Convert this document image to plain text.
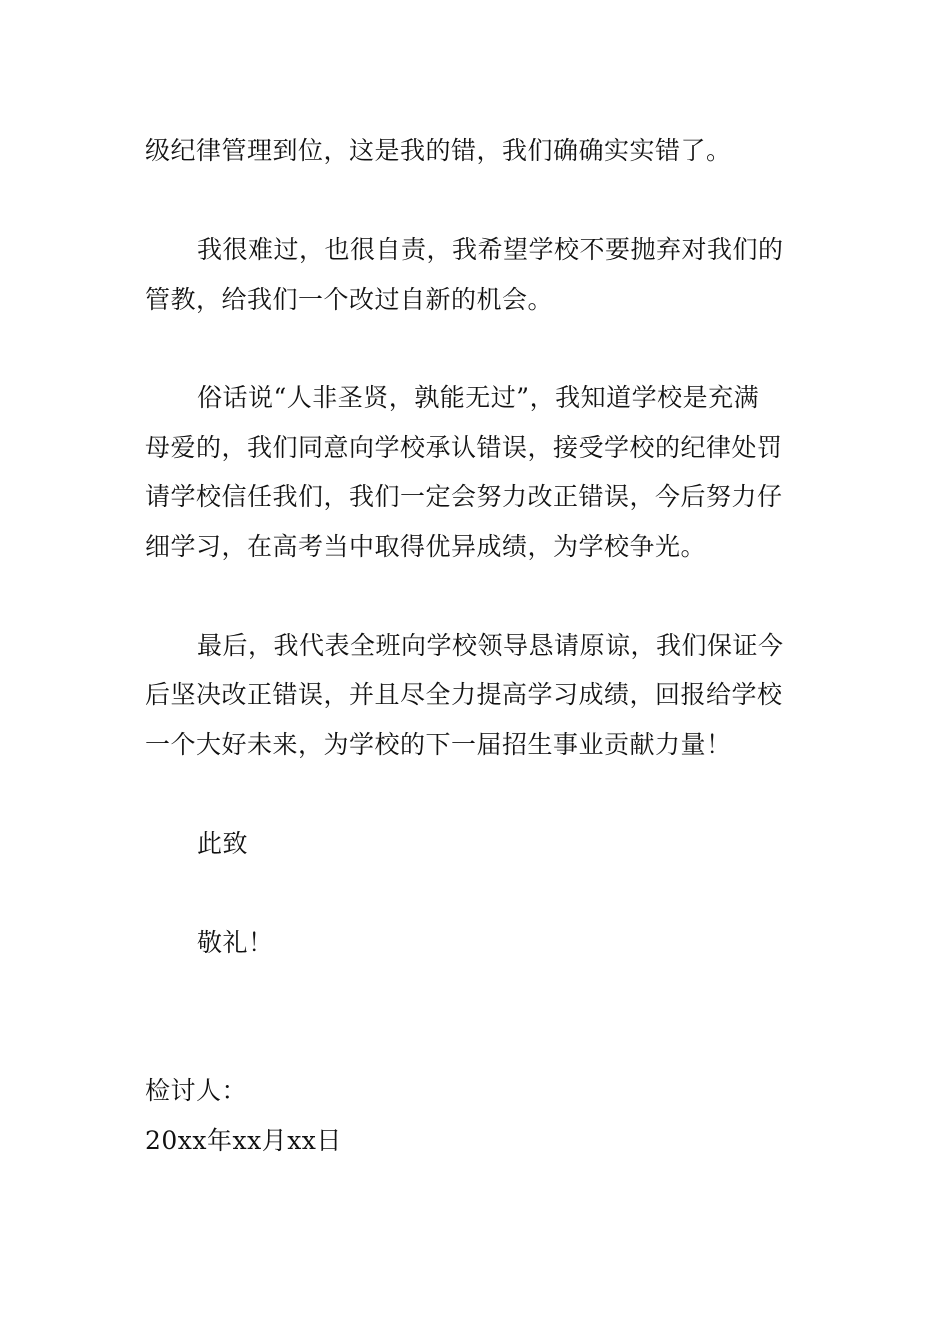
级纪律管理到位，这是我的错，我们确确实实错了。
我很难过，也很自责，我希望学校不要抛弃对我们的
管教，给我们一个改过自新的机会。
俗话说“人非圣贤，孰能无过”，我知道学校是充满
母爱的，我们同意向学校承认错误，接受学校的纪律处罚
请学校信任我们，我们一定会努力改正错误，今后努力仔
细学习，在高考当中取得优异成绩，为学校争光。
最后，我代表全班向学校领导恳请原谅，我们保证今
后坚决改正错误，并且尽全力提高学习成绩，回报给学校
一个大好未来，为学校的下一届招生事业贡献力量！
此致
敬礼！
检讨人：
20xx年xx月xx日
